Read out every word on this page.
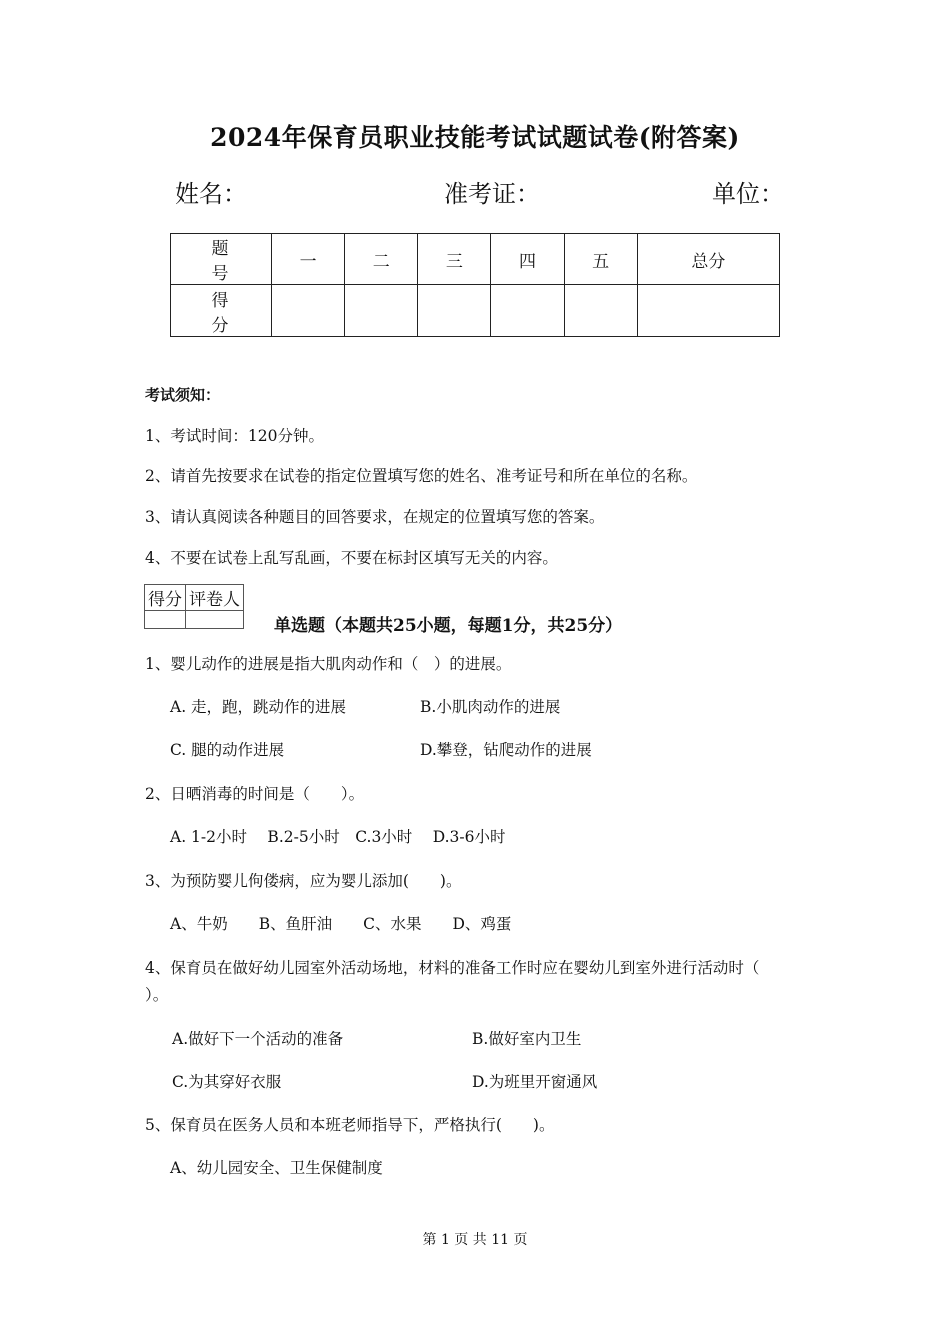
2024年保育员职业技能考试试题试卷(附答案)
姓名：	准考证：	单位：
题　号	一	二	三	四	五	总分
得　分						
考试须知：
1、考试时间：120分钟。
2、请首先按要求在试卷的指定位置填写您的姓名、准考证号和所在单位的名称。
3、请认真阅读各种题目的回答要求，在规定的位置填写您的答案。
4、不要在试卷上乱写乱画，不要在标封区填写无关的内容。
得分	评卷人

单选题（本题共25小题，每题1分，共25分）
1、婴儿动作的进展是指大肌肉动作和（　）的进展。
A. 走，跑，跳动作的进展	B.小肌肉动作的进展
C. 腿的动作进展	D.攀登，钻爬动作的进展
2、日晒消毒的时间是（　　）。
A. 1-2小时　 B.2-5小时　C.3小时　 D.3-6小时
3、为预防婴儿佝偻病，应为婴儿添加(　　)。
A、牛奶　　B、鱼肝油　　C、水果　　D、鸡蛋
4、保育员在做好幼儿园室外活动场地，材料的准备工作时应在婴幼儿到室外进行活动时（
）。
A.做好下一个活动的准备	B.做好室内卫生
C.为其穿好衣服	D.为班里开窗通风
5、保育员在医务人员和本班老师指导下，严格执行(　　)。
A、幼儿园安全、卫生保健制度
第 1 页 共 11 页
